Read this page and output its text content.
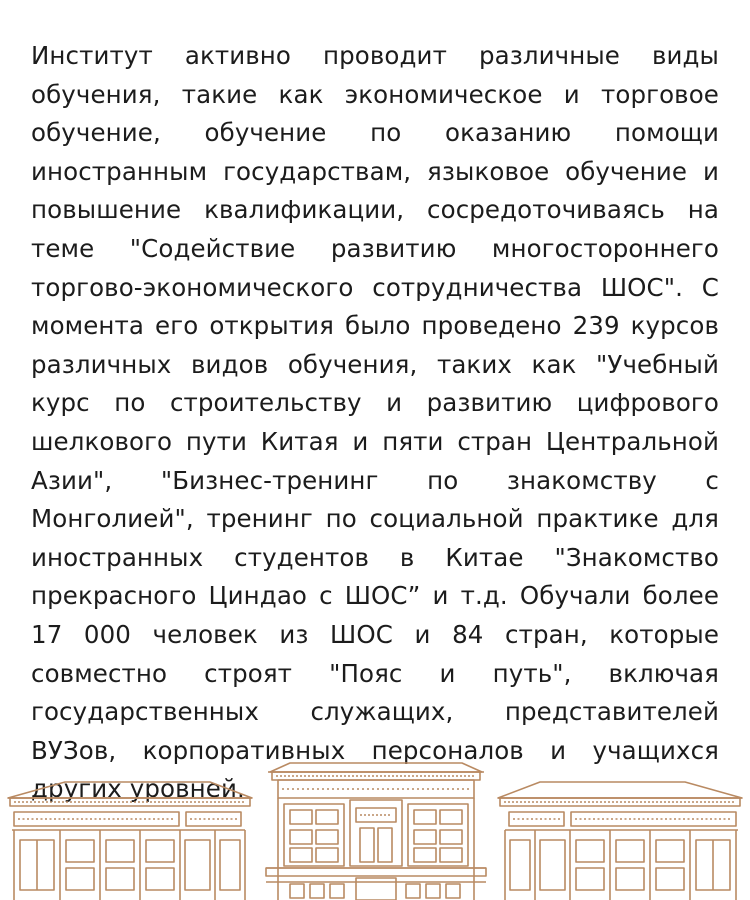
Институт активно проводит различные виды обучения, такие как экономическое и торговое обучение, обучение по оказанию помощи иностранным государствам, языковое обучение и повышение квалификации, сосредоточиваясь на теме "Содействие развитию многостороннего торгово-экономического сотрудничества ШОС". С момента его открытия было проведено 239 курсов различных видов обучения, таких как "Учебный курс по строительству и развитию цифрового шелкового пути Китая и пяти стран Центральной Азии", "Бизнес-тренинг по знакомству с Монголией", тренинг по социальной практике для иностранных студентов в Китае "Знакомство прекрасного Циндао с ШОС” и т.д. Обучали более 17 000 человек из ШОС и 84 стран, которые совместно строят "Пояс и путь", включая государственных служащих, представителей ВУЗов, корпоративных персоналов и учащихся других уровней.
